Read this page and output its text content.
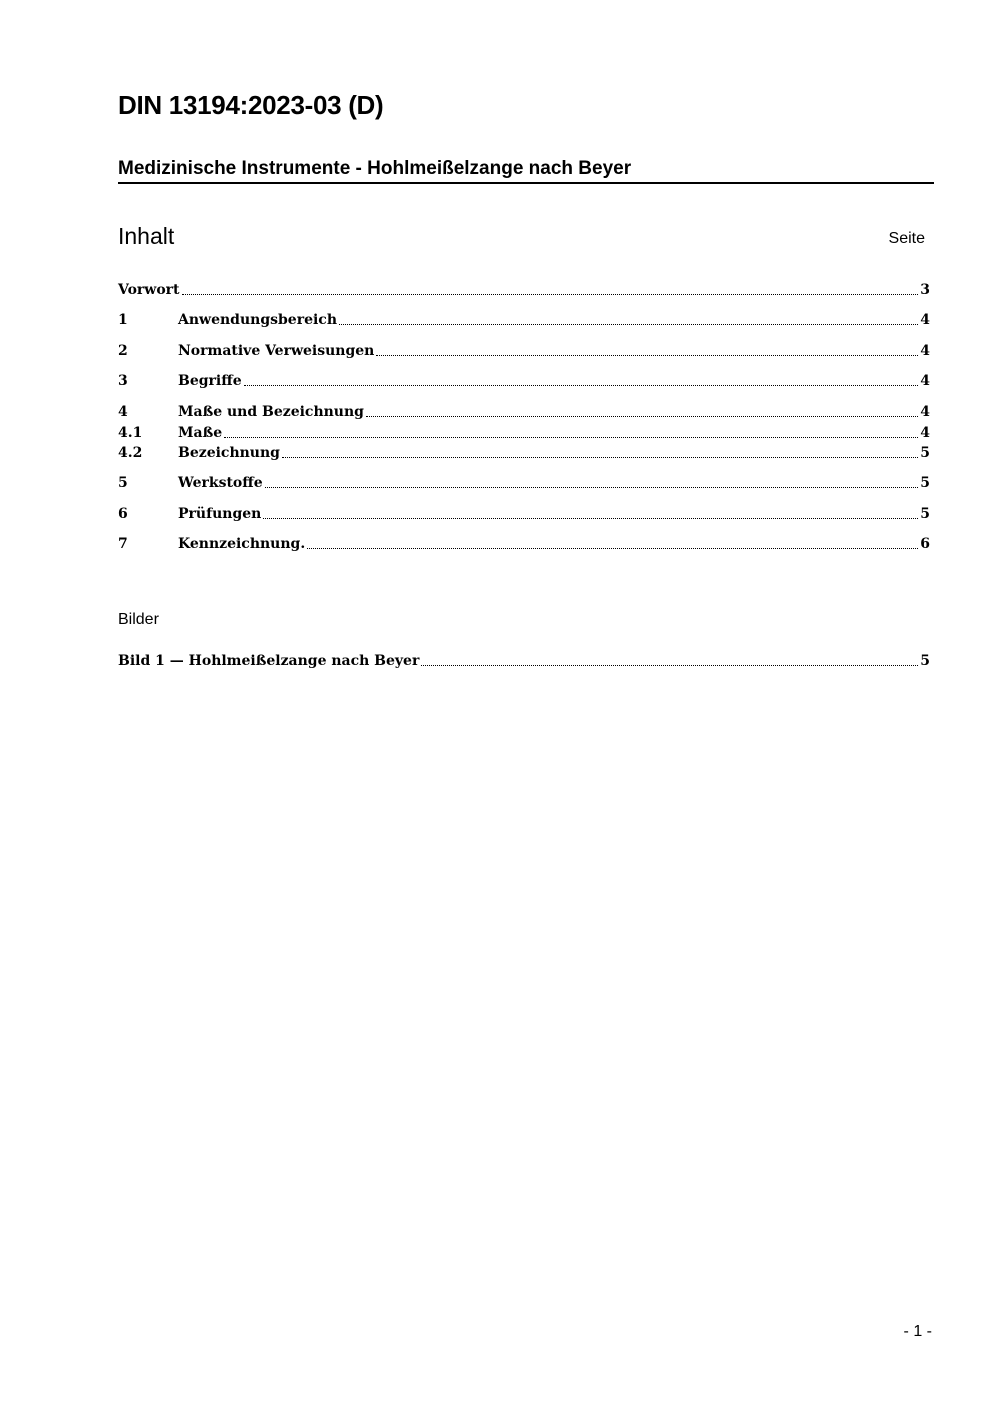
DIN 13194:2023-03 (D)
Medizinische Instrumente - Hohlmeißelzange nach Beyer
Inhalt	Seite
Vorwort	3
1	Anwendungsbereich	4
2	Normative Verweisungen	4
3	Begriffe	4
4	Maße und Bezeichnung	4
4.1	Maße	4
4.2	Bezeichnung	5
5	Werkstoffe	5
6	Prüfungen	5
7	Kennzeichnung.	6
Bilder
Bild 1 — Hohlmeißelzange nach Beyer	5
- 1 -
